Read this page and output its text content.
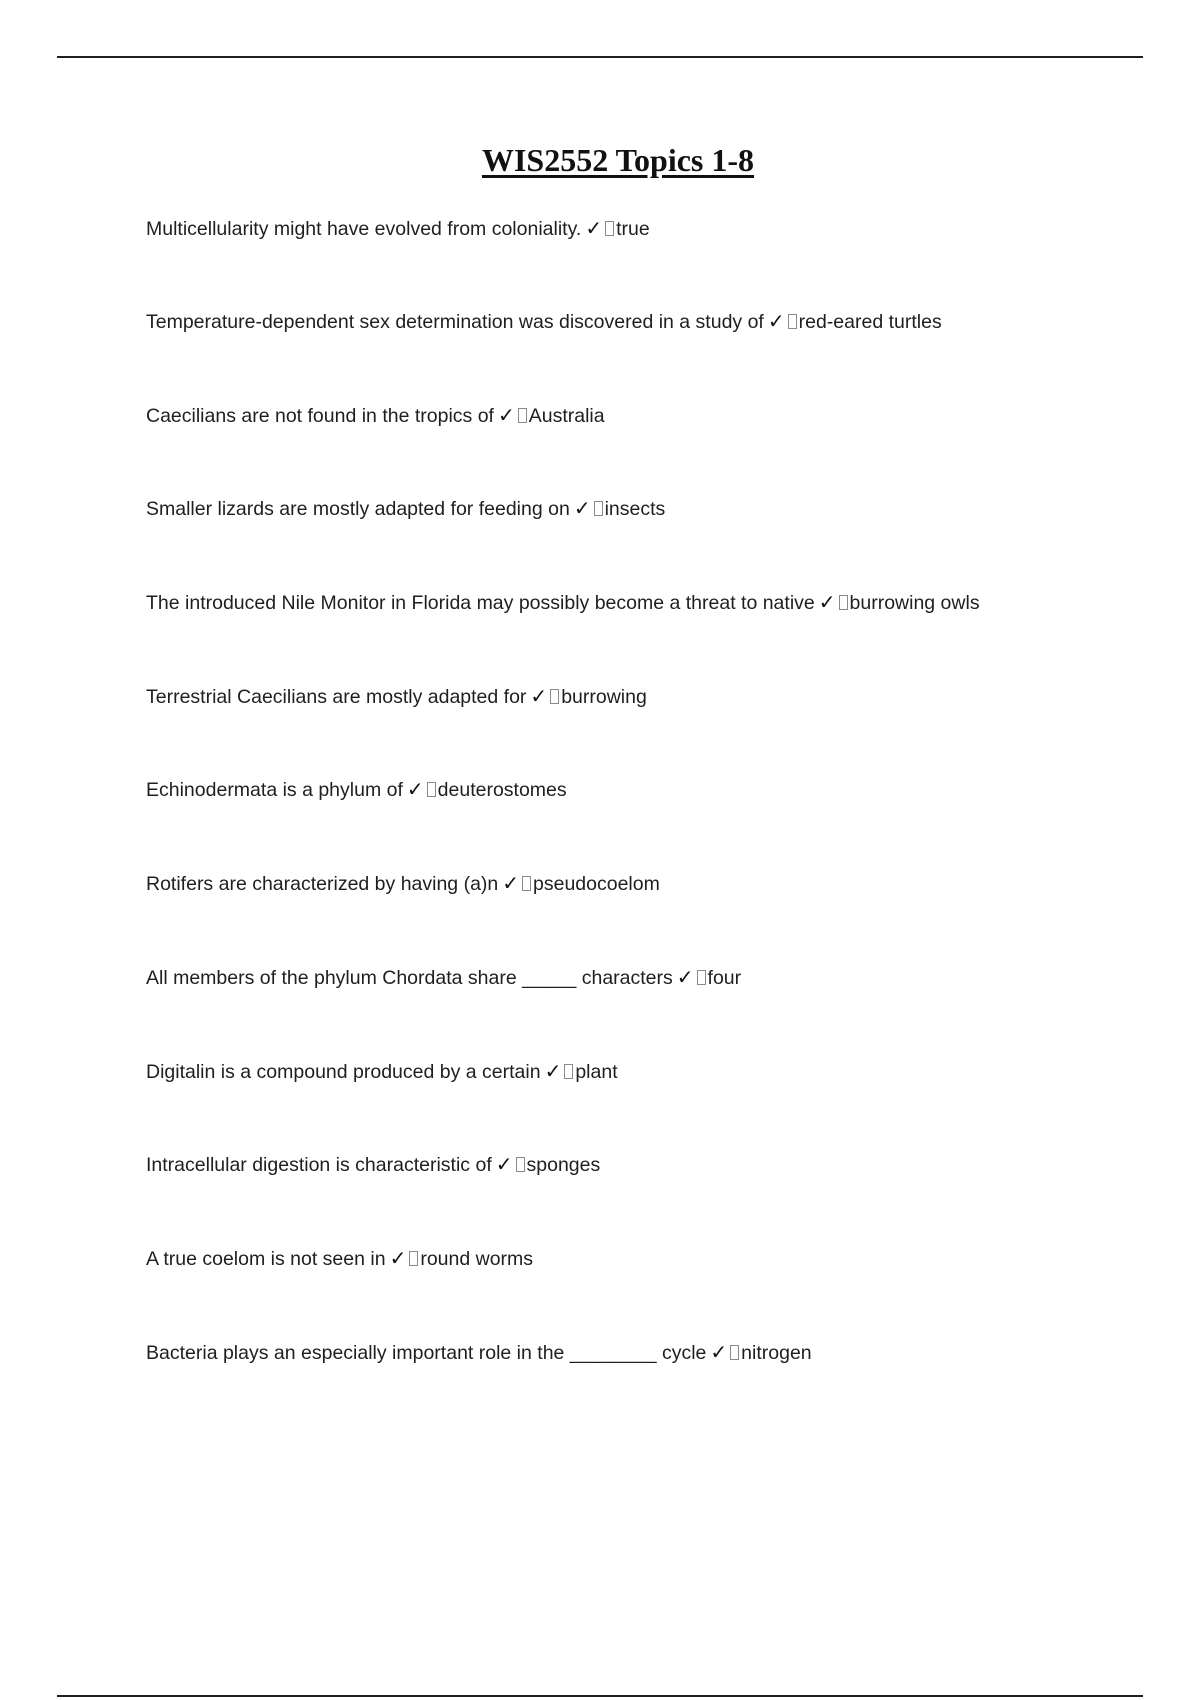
WIS2552 Topics 1-8
Multicellularity might have evolved from coloniality. ✓ true
Temperature-dependent sex determination was discovered in a study of ✓ red-eared turtles
Caecilians are not found in the tropics of ✓ Australia
Smaller lizards are mostly adapted for feeding on ✓ insects
The introduced Nile Monitor in Florida may possibly become a threat to native ✓ burrowing owls
Terrestrial Caecilians are mostly adapted for ✓ burrowing
Echinodermata is a phylum of ✓ deuterostomes
Rotifers are characterized by having (a)n ✓ pseudocoelom
All members of the phylum Chordata share _____ characters ✓ four
Digitalin is a compound produced by a certain ✓ plant
Intracellular digestion is characteristic of ✓ sponges
A true coelom is not seen in ✓ round worms
Bacteria plays an especially important role in the ________ cycle ✓ nitrogen
